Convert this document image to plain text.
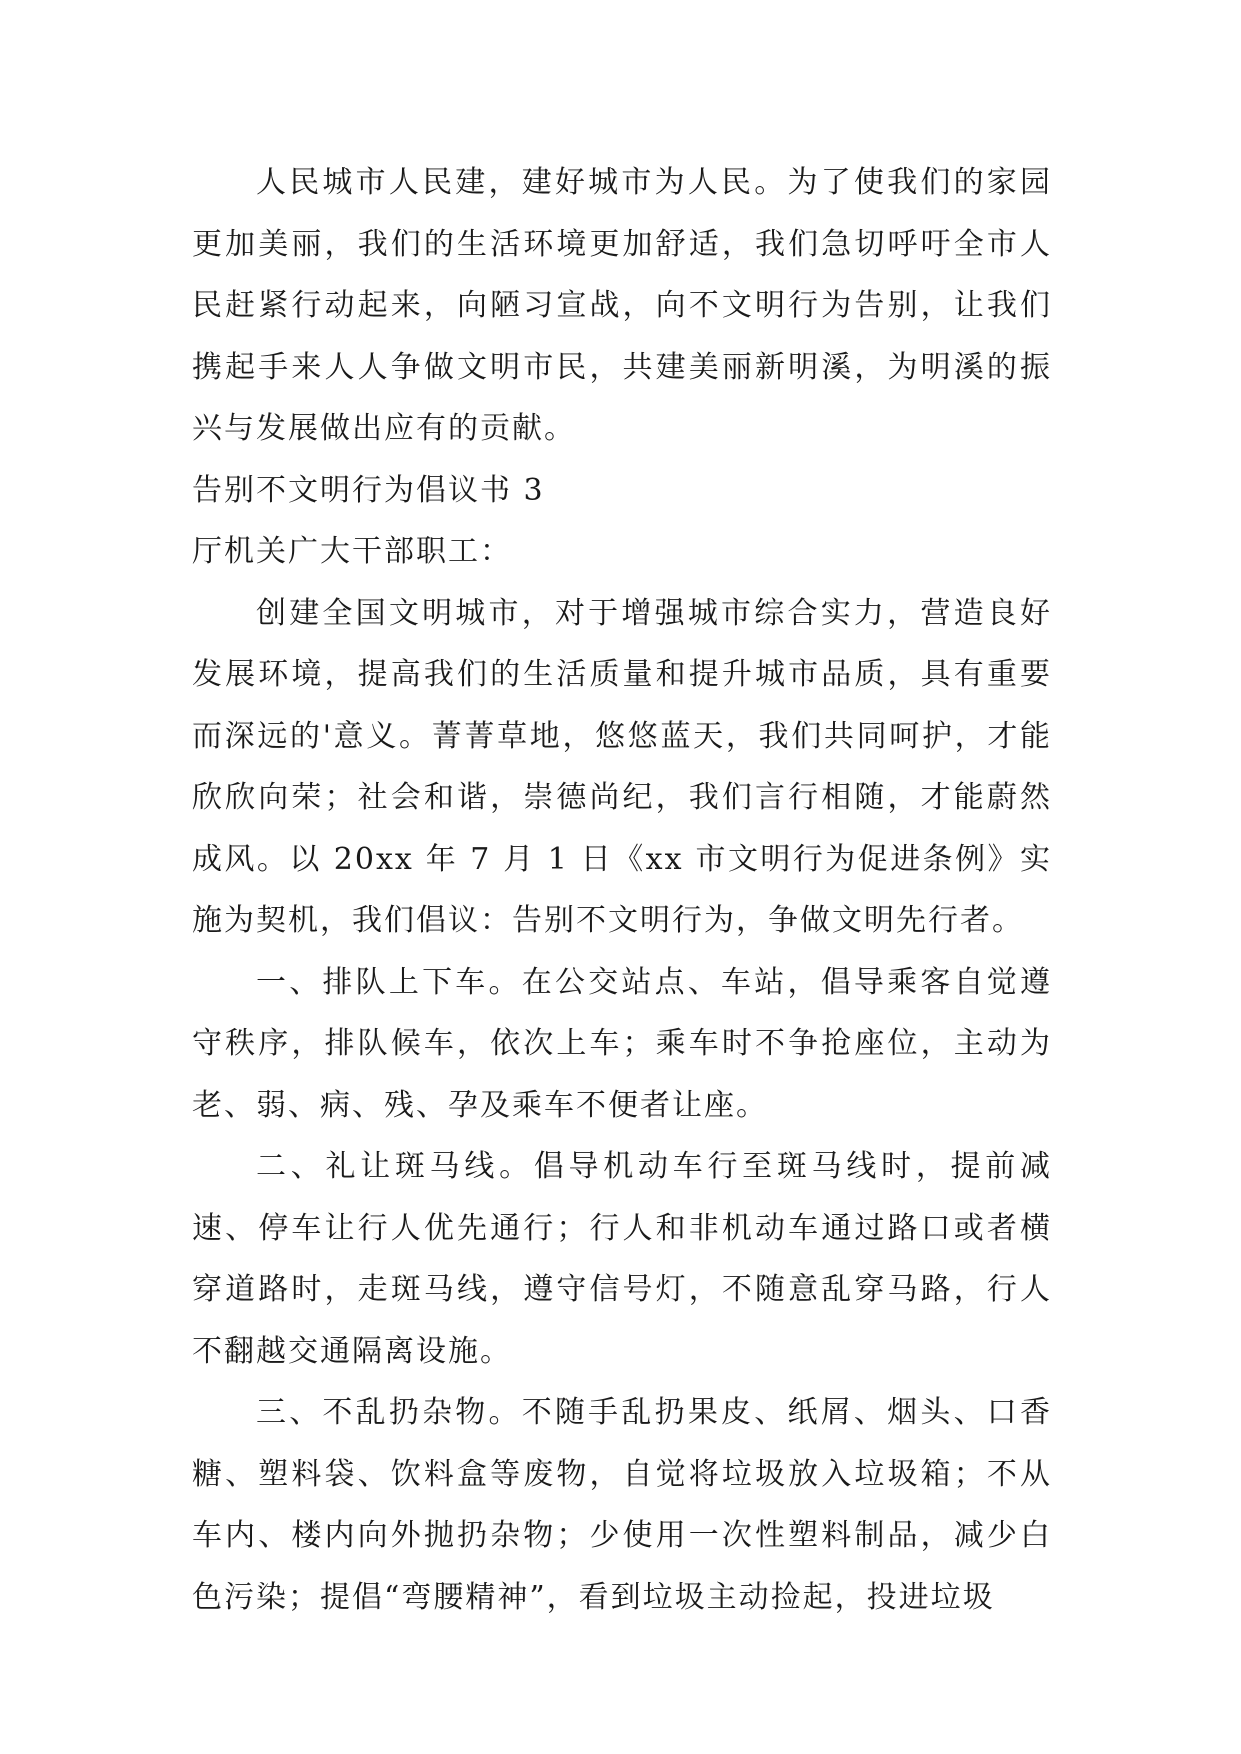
人民城市人民建，建好城市为人民。为了使我们的家园更加美丽，我们的生活环境更加舒适，我们急切呼吁全市人民赶紧行动起来，向陋习宣战，向不文明行为告别，让我们携起手来人人争做文明市民，共建美丽新明溪，为明溪的振兴与发展做出应有的贡献。

告别不文明行为倡议书 3

厅机关广大干部职工：

创建全国文明城市，对于增强城市综合实力，营造良好发展环境，提高我们的生活质量和提升城市品质，具有重要而深远的'意义。菁菁草地，悠悠蓝天，我们共同呵护，才能欣欣向荣；社会和谐，崇德尚纪，我们言行相随，才能蔚然成风。以 20xx 年 7 月 1 日《xx 市文明行为促进条例》实施为契机，我们倡议：告别不文明行为，争做文明先行者。

一、排队上下车。在公交站点、车站，倡导乘客自觉遵守秩序，排队候车，依次上车；乘车时不争抢座位，主动为老、弱、病、残、孕及乘车不便者让座。

二、礼让斑马线。倡导机动车行至斑马线时，提前减速、停车让行人优先通行；行人和非机动车通过路口或者横穿道路时，走斑马线，遵守信号灯，不随意乱穿马路，行人不翻越交通隔离设施。

三、不乱扔杂物。不随手乱扔果皮、纸屑、烟头、口香糖、塑料袋、饮料盒等废物，自觉将垃圾放入垃圾箱；不从车内、楼内向外抛扔杂物；少使用一次性塑料制品，减少白色污染；提倡“弯腰精神”，看到垃圾主动捡起，投进垃圾
